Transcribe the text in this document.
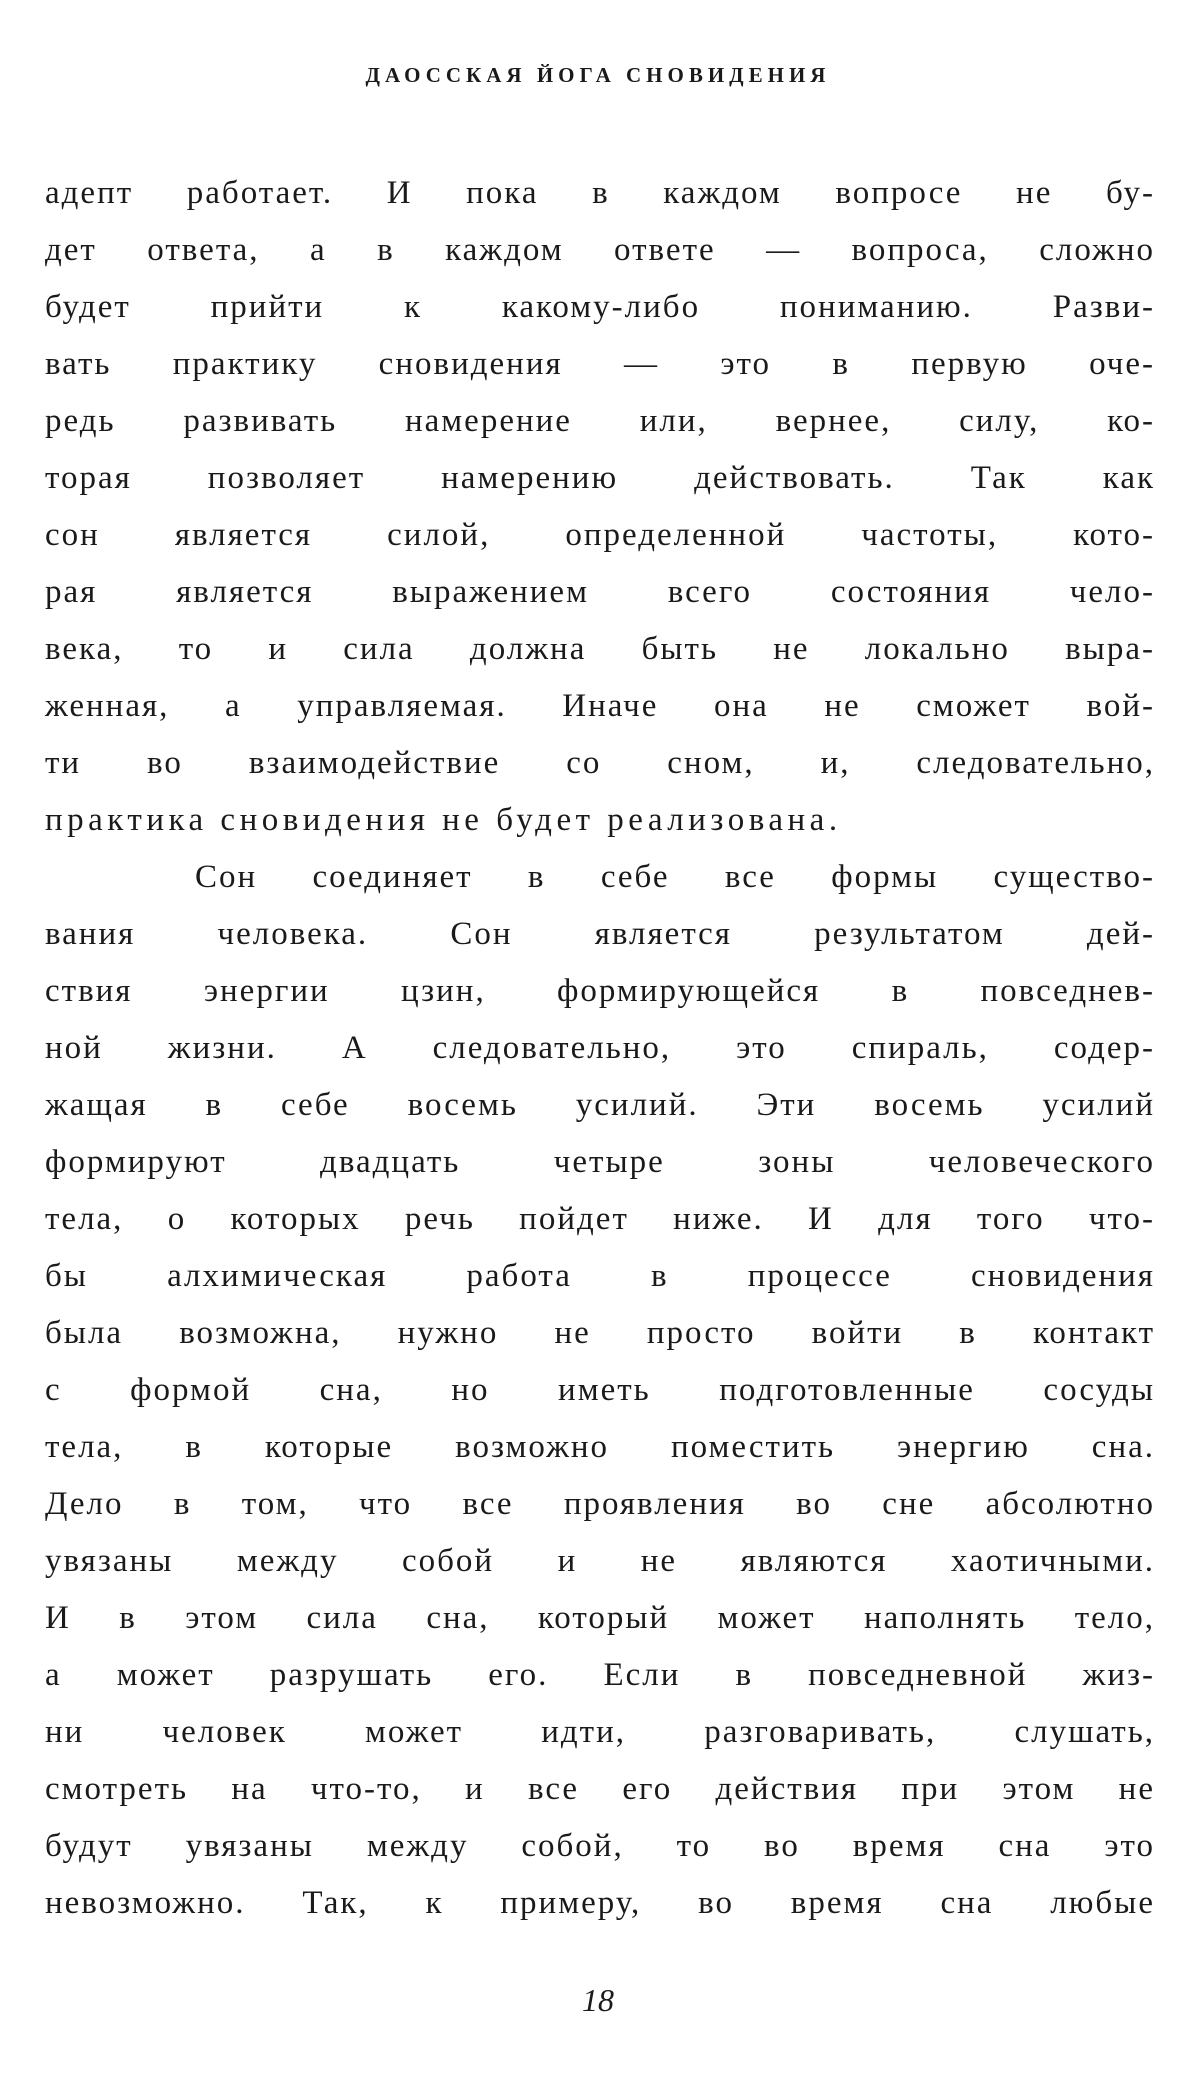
ДАОССКАЯ ЙОГА СНОВИДЕНИЯ
адепт работает. И пока в каждом вопросе не бу-
дет ответа, а в каждом ответе — вопроса, сложно
будет прийти к какому-либо пониманию. Разви-
вать практику сновидения — это в первую оче-
редь развивать намерение или, вернее, силу, ко-
торая позволяет намерению действовать. Так как
сон является силой, определенной частоты, кото-
рая является выражением всего состояния чело-
века, то и сила должна быть не локально выра-
женная, а управляемая. Иначе она не сможет вой-
ти во взаимодействие со сном, и, следовательно,
практика сновидения не будет реализована.
Сон соединяет в себе все формы существо-
вания человека. Сон является результатом дей-
ствия энергии цзин, формирующейся в повседнев-
ной жизни. А следовательно, это спираль, содер-
жащая в себе восемь усилий. Эти восемь усилий
формируют двадцать четыре зоны человеческого
тела, о которых речь пойдет ниже. И для того что-
бы алхимическая работа в процессе сновидения
была возможна, нужно не просто войти в контакт
с формой сна, но иметь подготовленные сосуды
тела, в которые возможно поместить энергию сна.
Дело в том, что все проявления во сне абсолютно
увязаны между собой и не являются хаотичными.
И в этом сила сна, который может наполнять тело,
а может разрушать его. Если в повседневной жиз-
ни человек может идти, разговаривать, слушать,
смотреть на что-то, и все его действия при этом не
будут увязаны между собой, то во время сна это
невозможно. Так, к примеру, во время сна любые
18
